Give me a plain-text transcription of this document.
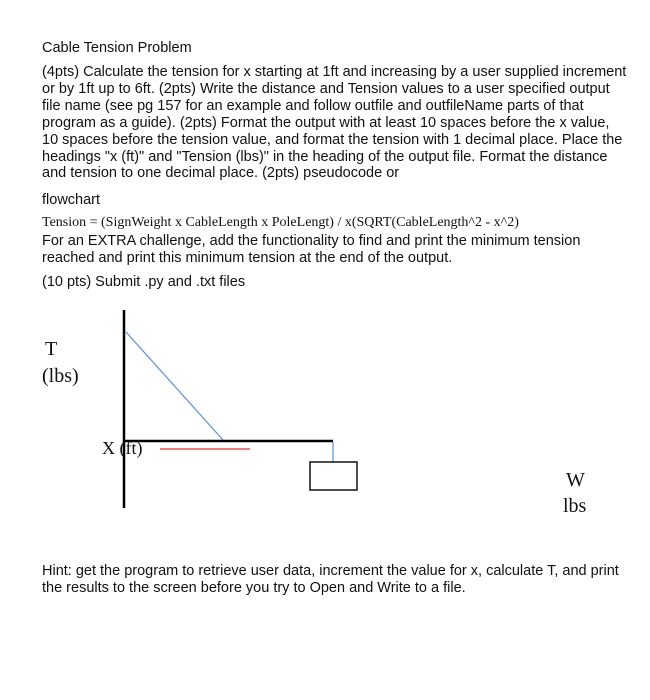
Cable Tension Problem
(4pts) Calculate the tension for x starting at 1ft and increasing by a user supplied increment or by 1ft up to 6ft. (2pts) Write the distance and Tension values to a user specified output file name (see pg 157 for an example and follow outfile and outfileName parts of that program as a guide). (2pts) Format the output with at least 10 spaces before the x value, 10 spaces before the tension value, and format the tension with 1 decimal place. Place the headings "x (ft)" and "Tension (lbs)" in the heading of the output file. Format the distance and tension to one decimal place. (2pts) pseudocode or
flowchart
Tension = (SignWeight x CableLength x PoleLengt) / x(SQRT(CableLength^2 - x^2)
For an EXTRA challenge, add the functionality to find and print the minimum tension reached and print this minimum tension at the end of the output.
(10 pts) Submit .py and .txt files
T
(lbs)
X (ft)
W
lbs
Hint: get the program to retrieve user data, increment the value for x, calculate T, and print the results to the screen before you try to Open and Write to a file.
